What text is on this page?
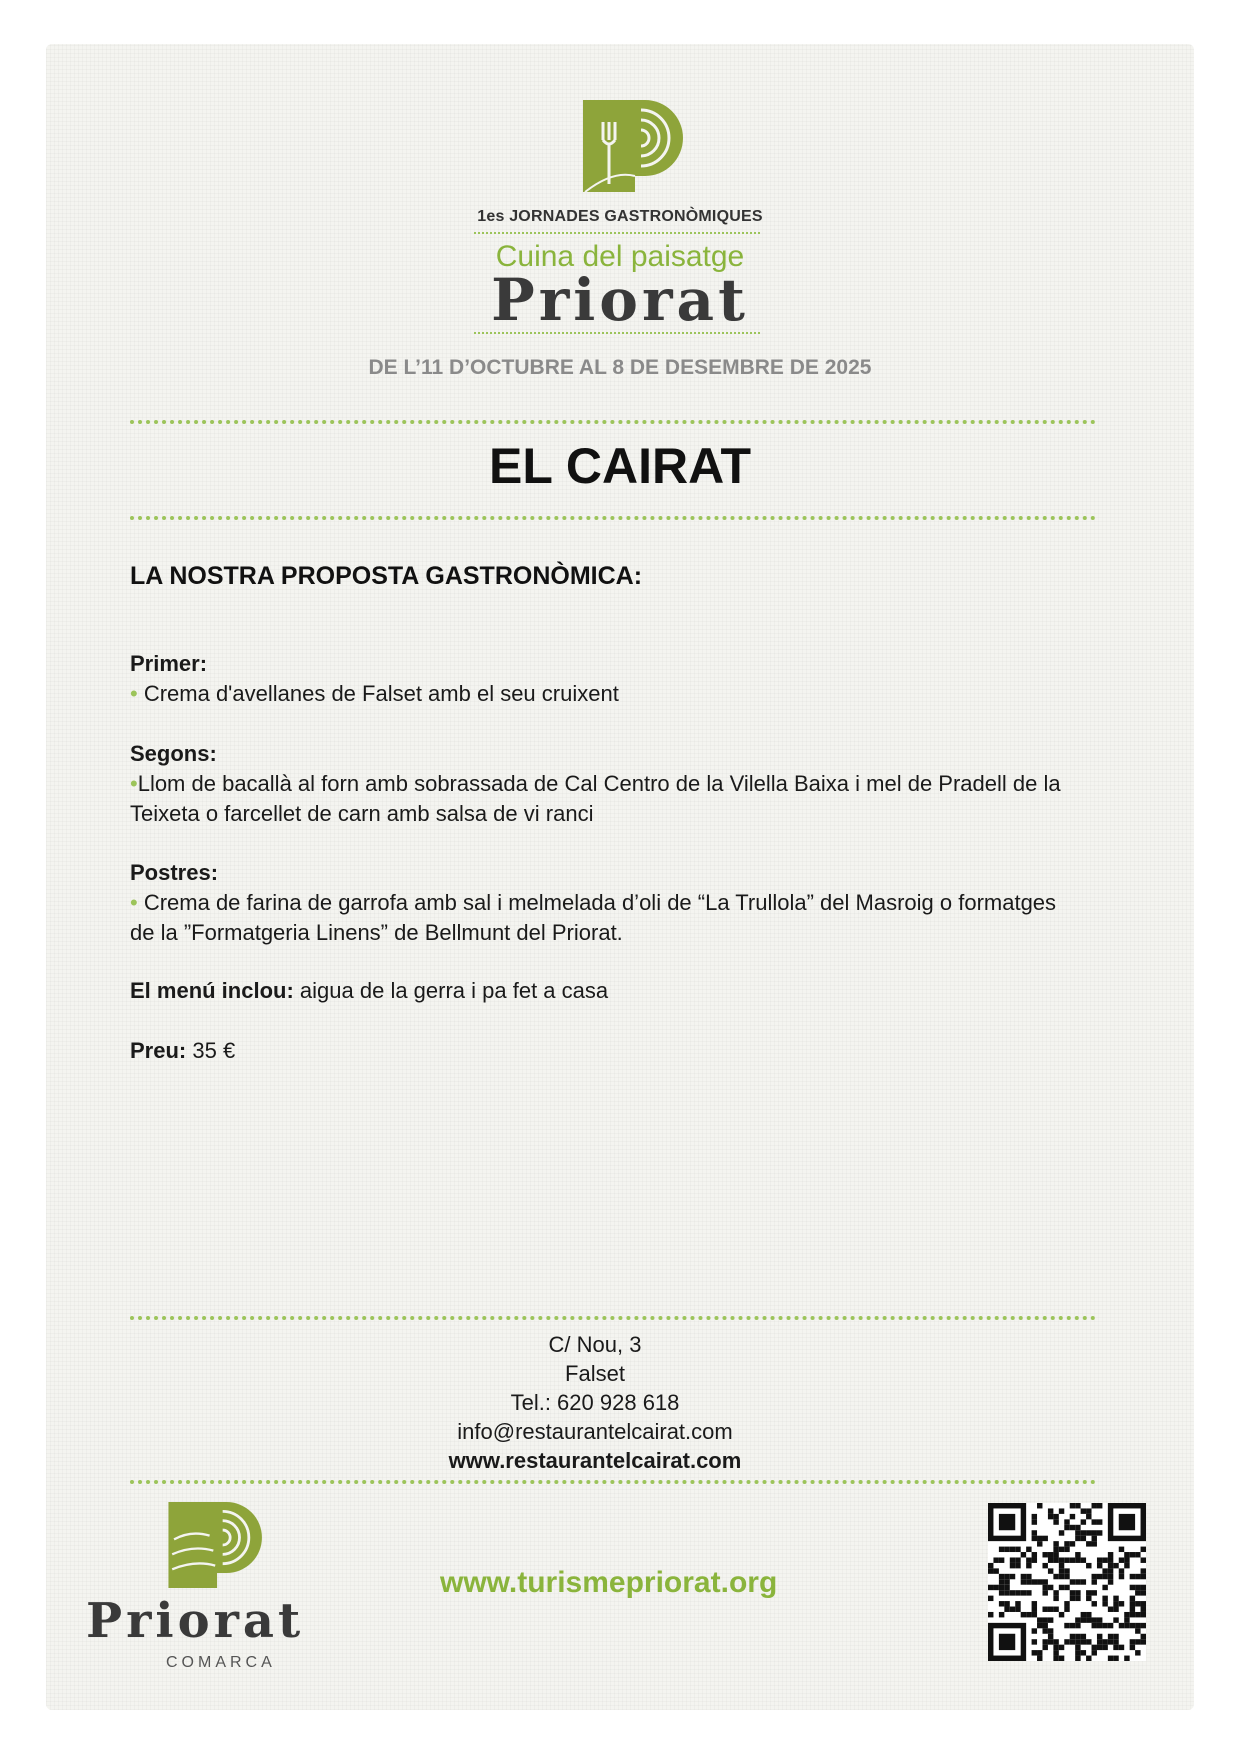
1es JORNADES GASTRONÒMIQUES
Cuina del paisatge
Priorat
DE L’11 D’OCTUBRE AL 8 DE DESEMBRE DE 2025
EL CAIRAT
LA NOSTRA PROPOSTA GASTRONÒMICA:
Primer:
• Crema d'avellanes de Falset amb el seu cruixent
Segons:
•Llom de bacallà al forn amb sobrassada de Cal Centro de la Vilella Baixa i mel de Pradell de la
Teixeta o farcellet de carn amb salsa de vi ranci
Postres:
• Crema de farina de garrofa amb sal i melmelada d’oli de “La Trullola” del Masroig o formatges
de la ”Formatgeria Linens” de Bellmunt del Priorat.
El menú inclou: aigua de la gerra i pa fet a casa
Preu: 35 €
C/ Nou, 3
Falset
Tel.: 620 928 618
info@restaurantelcairat.com
www.restaurantelcairat.com
Priorat
COMARCA
www.turismepriorat.org
